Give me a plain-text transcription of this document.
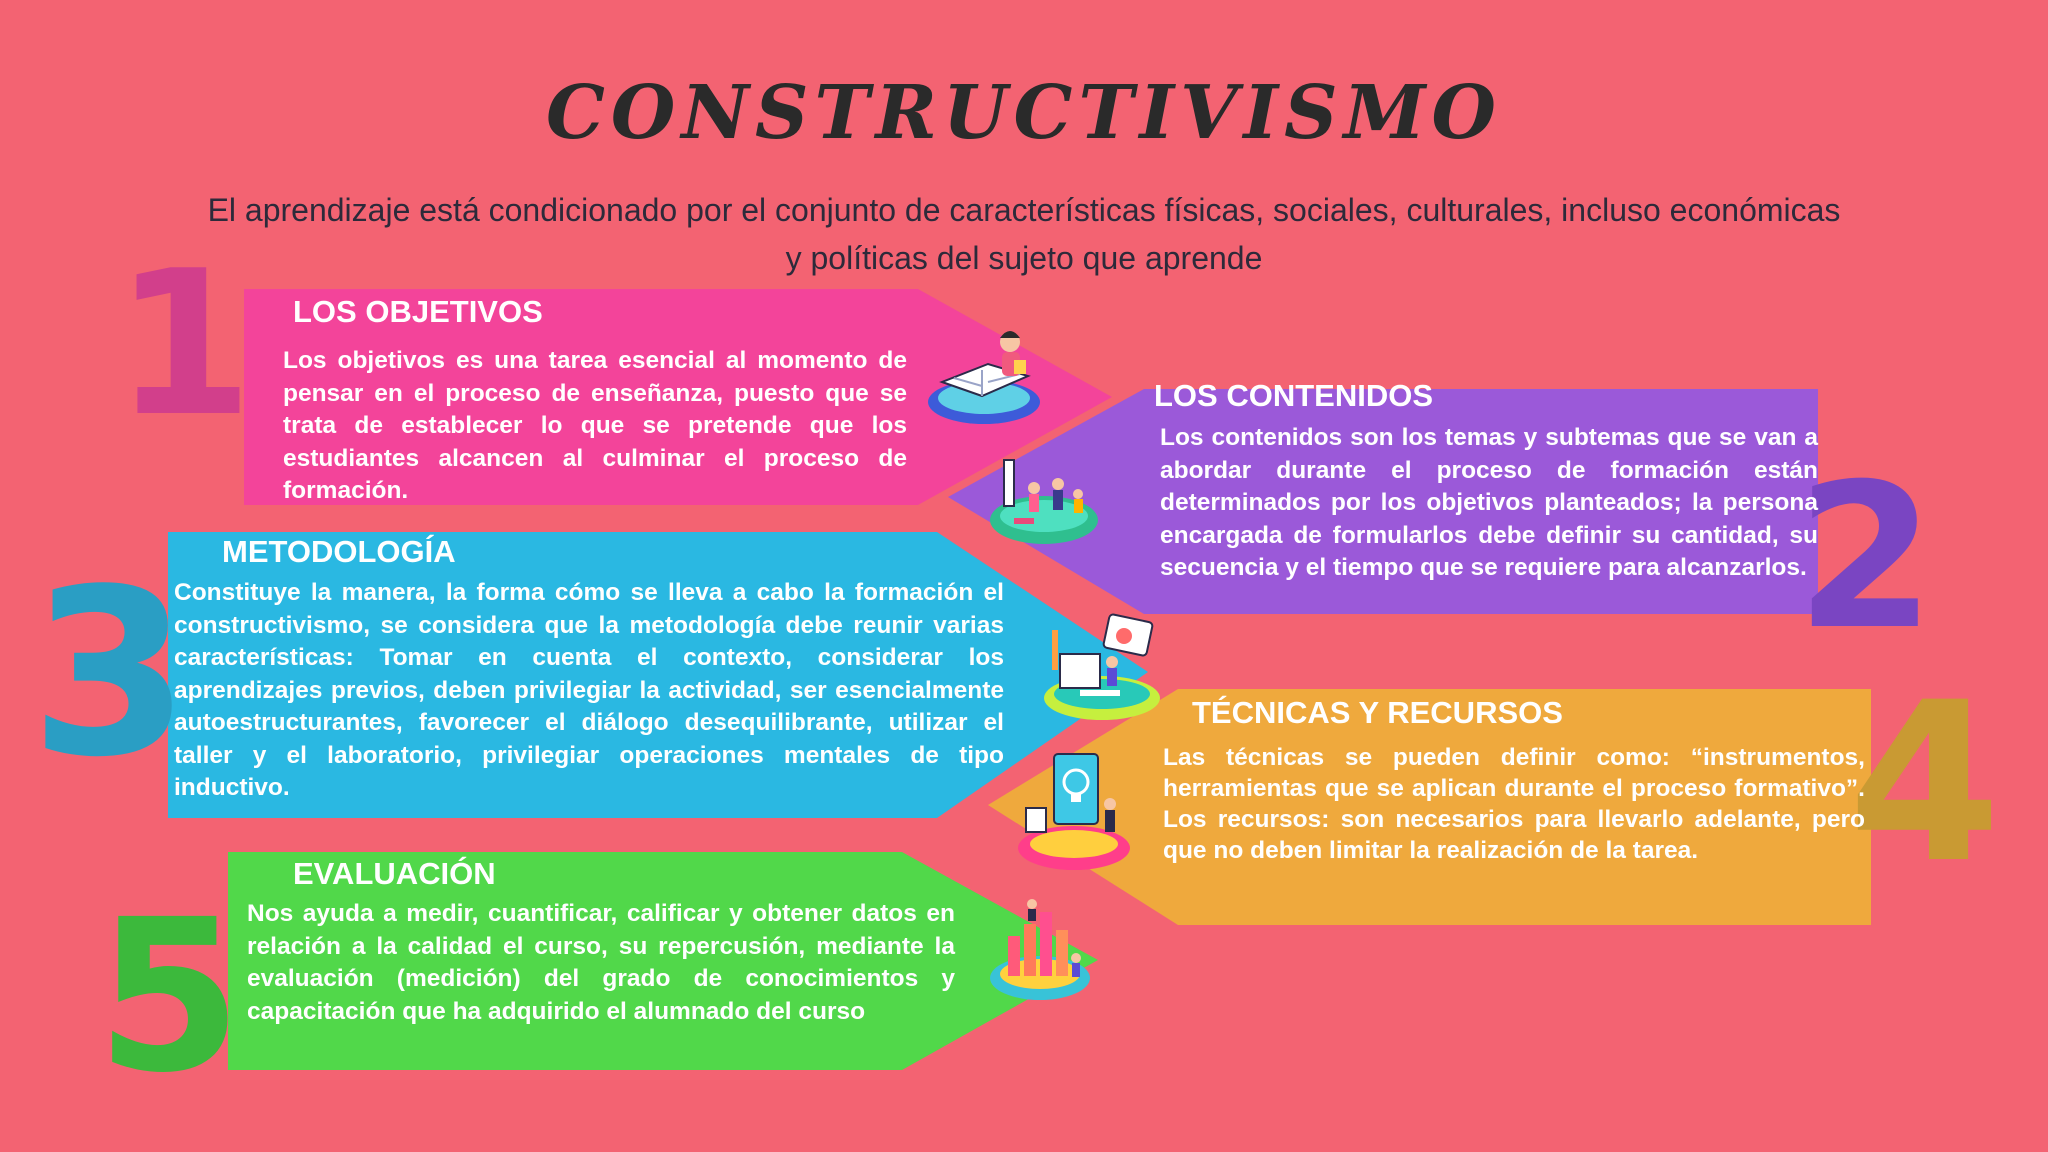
CONSTRUCTIVISMO
El aprendizaje está condicionado por el conjunto de características físicas, sociales, culturales, incluso económicas y políticas del sujeto que aprende
1
2
3	4
5
LOS OBJETIVOS

Los objetivos es una tarea esencial al momento de pensar en el proceso de enseñanza, puesto que se trata de establecer lo que se pretende que los estudiantes alcancen al culminar el proceso de formación.

LOS CONTENIDOS

Los contenidos son los temas y subtemas que se van a abordar durante el proceso de formación están determinados por los objetivos planteados; la persona encargada de formularlos debe definir su cantidad, su secuencia y el tiempo que se requiere para alcanzarlos.

METODOLOGÍA

Constituye la manera, la forma cómo se lleva a cabo la formación el constructivismo, se considera que la metodología debe reunir varias características: Tomar en cuenta el contexto, considerar los aprendizajes previos, deben privilegiar la actividad, ser esencialmente autoestructurantes, favorecer el diálogo desequilibrante, utilizar el taller y el laboratorio, privilegiar operaciones mentales de tipo inductivo.

TÉCNICAS Y RECURSOS

Las técnicas se pueden definir como: “instrumentos, herramientas que se aplican durante el proceso formativo”. Los recursos: son necesarios para llevarlo adelante, pero que no deben limitar la realización de la tarea.

EVALUACIÓN

Nos ayuda a medir, cuantificar, calificar y obtener datos en relación a la calidad el curso, su repercusión, mediante la evaluación (medición) del grado de conocimientos y capacitación que ha adquirido el alumnado del curso
